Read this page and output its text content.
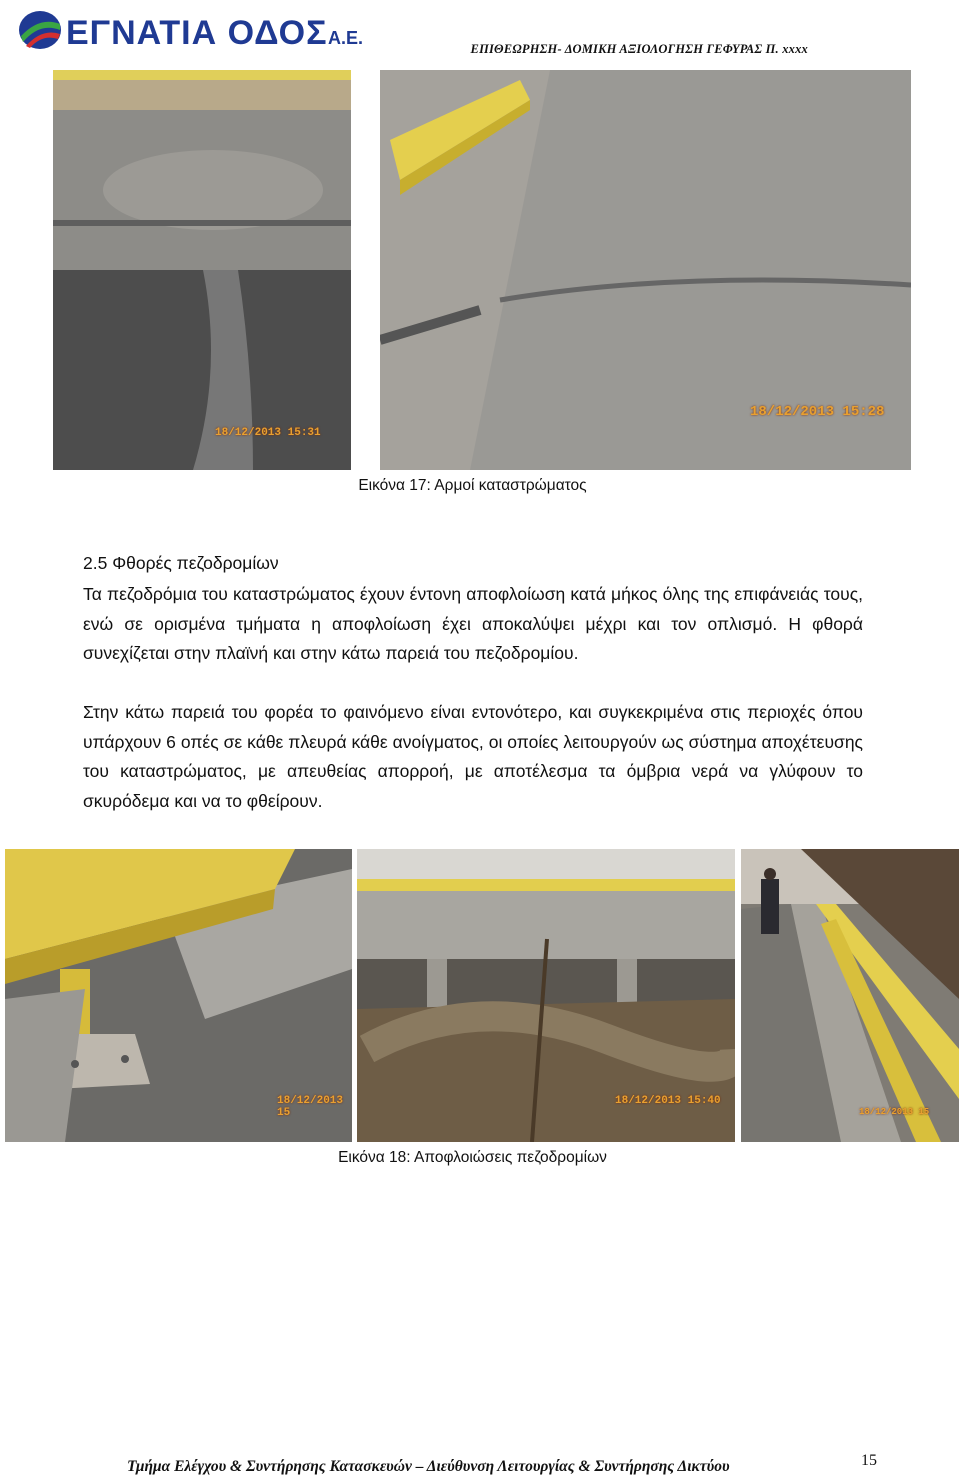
ΕΓΝΑΤΙΑ ΟΔΟΣ Α.Ε.
ΕΠΙΘΕΩΡΗΣΗ- ΔΟΜΙΚΗ ΑΞΙΟΛΟΓΗΣΗ ΓΕΦΥΡΑΣ Π. xxxx
18/12/2013 15:31
18/12/2013 15:28
Εικόνα 17: Αρμοί καταστρώματος
2.5 Φθορές πεζοδρομίων
Τα πεζοδρόμια του καταστρώματος έχουν έντονη αποφλοίωση κατά μήκος όλης της επιφάνειάς τους, ενώ σε ορισμένα τμήματα η αποφλοίωση έχει αποκαλύψει μέχρι και τον οπλισμό. Η φθορά συνεχίζεται στην πλαϊνή και στην κάτω παρειά του πεζοδρομίου.
Στην κάτω παρειά του φορέα το φαινόμενο είναι εντονότερο, και συγκεκριμένα στις περιοχές όπου υπάρχουν 6 οπές σε κάθε πλευρά κάθε ανοίγματος, οι οποίες λειτουργούν ως σύστημα αποχέτευσης του καταστρώματος, με απευθείας απορροή, με αποτέλεσμα τα όμβρια νερά να γλύφουν το σκυρόδεμα και να το φθείρουν.
18/12/2013 15
18/12/2013 15:40
18/12/2013 15
Εικόνα 18: Αποφλοιώσεις πεζοδρομίων
Τμήμα Ελέγχου & Συντήρησης Κατασκευών – Διεύθυνση Λειτουργίας & Συντήρησης Δικτύου	15
